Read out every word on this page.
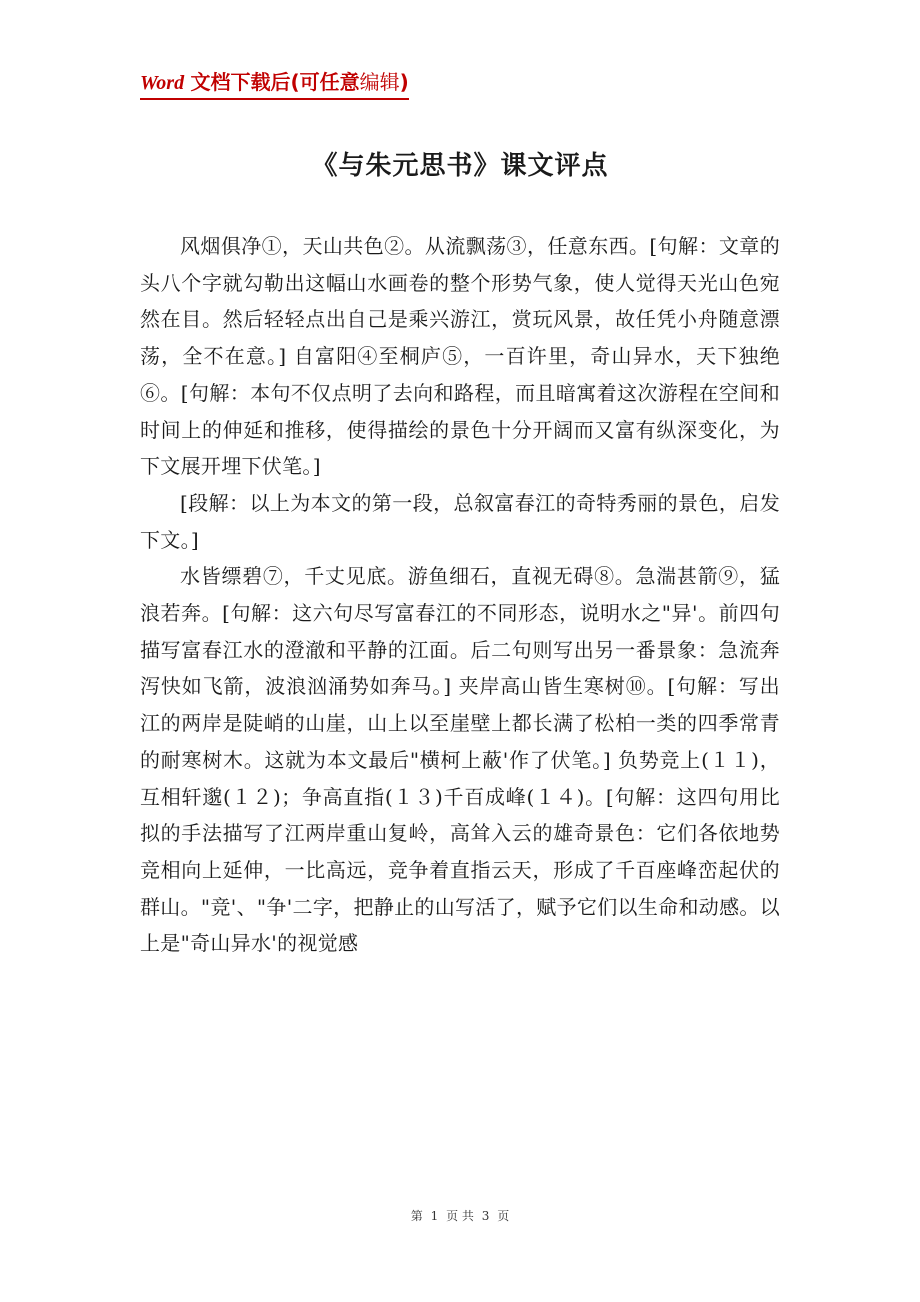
Word 文档下载后(可任意编辑)
《与朱元思书》课文评点

风烟俱净①，天山共色②。从流飘荡③，任意东西。[句解：文章的头八个字就勾勒出这幅山水画卷的整个形势气象，使人觉得天光山色宛然在目。然后轻轻点出自己是乘兴游江，赏玩风景，故任凭小舟随意漂荡，全不在意。] 自富阳④至桐庐⑤，一百许里，奇山异水，天下独绝⑥。[句解：本句不仅点明了去向和路程，而且暗寓着这次游程在空间和时间上的伸延和推移，使得描绘的景色十分开阔而又富有纵深变化，为下文展开埋下伏笔。]

[段解：以上为本文的第一段，总叙富春江的奇特秀丽的景色，启发下文。]

水皆缥碧⑦，千丈见底。游鱼细石，直视无碍⑧。急湍甚箭⑨，猛浪若奔。[句解：这六句尽写富春江的不同形态，说明水之"异'。前四句描写富春江水的澄澈和平静的江面。后二句则写出另一番景象：急流奔泻快如飞箭，波浪汹涌势如奔马。] 夹岸高山皆生寒树⑩。[句解：写出江的两岸是陡峭的山崖，山上以至崖壁上都长满了松柏一类的四季常青的耐寒树木。这就为本文最后"横柯上蔽'作了伏笔。] 负势竞上(１１)，互相轩邈(１２)；争高直指(１３)千百成峰(１４)。[句解：这四句用比拟的手法描写了江两岸重山复岭，高耸入云的雄奇景色：它们各依地势竞相向上延伸，一比高远，竞争着直指云天，形成了千百座峰峦起伏的群山。"竞'、"争'二字，把静止的山写活了，赋予它们以生命和动感。以上是"奇山异水'的视觉感

第 1 页 共 3 页
